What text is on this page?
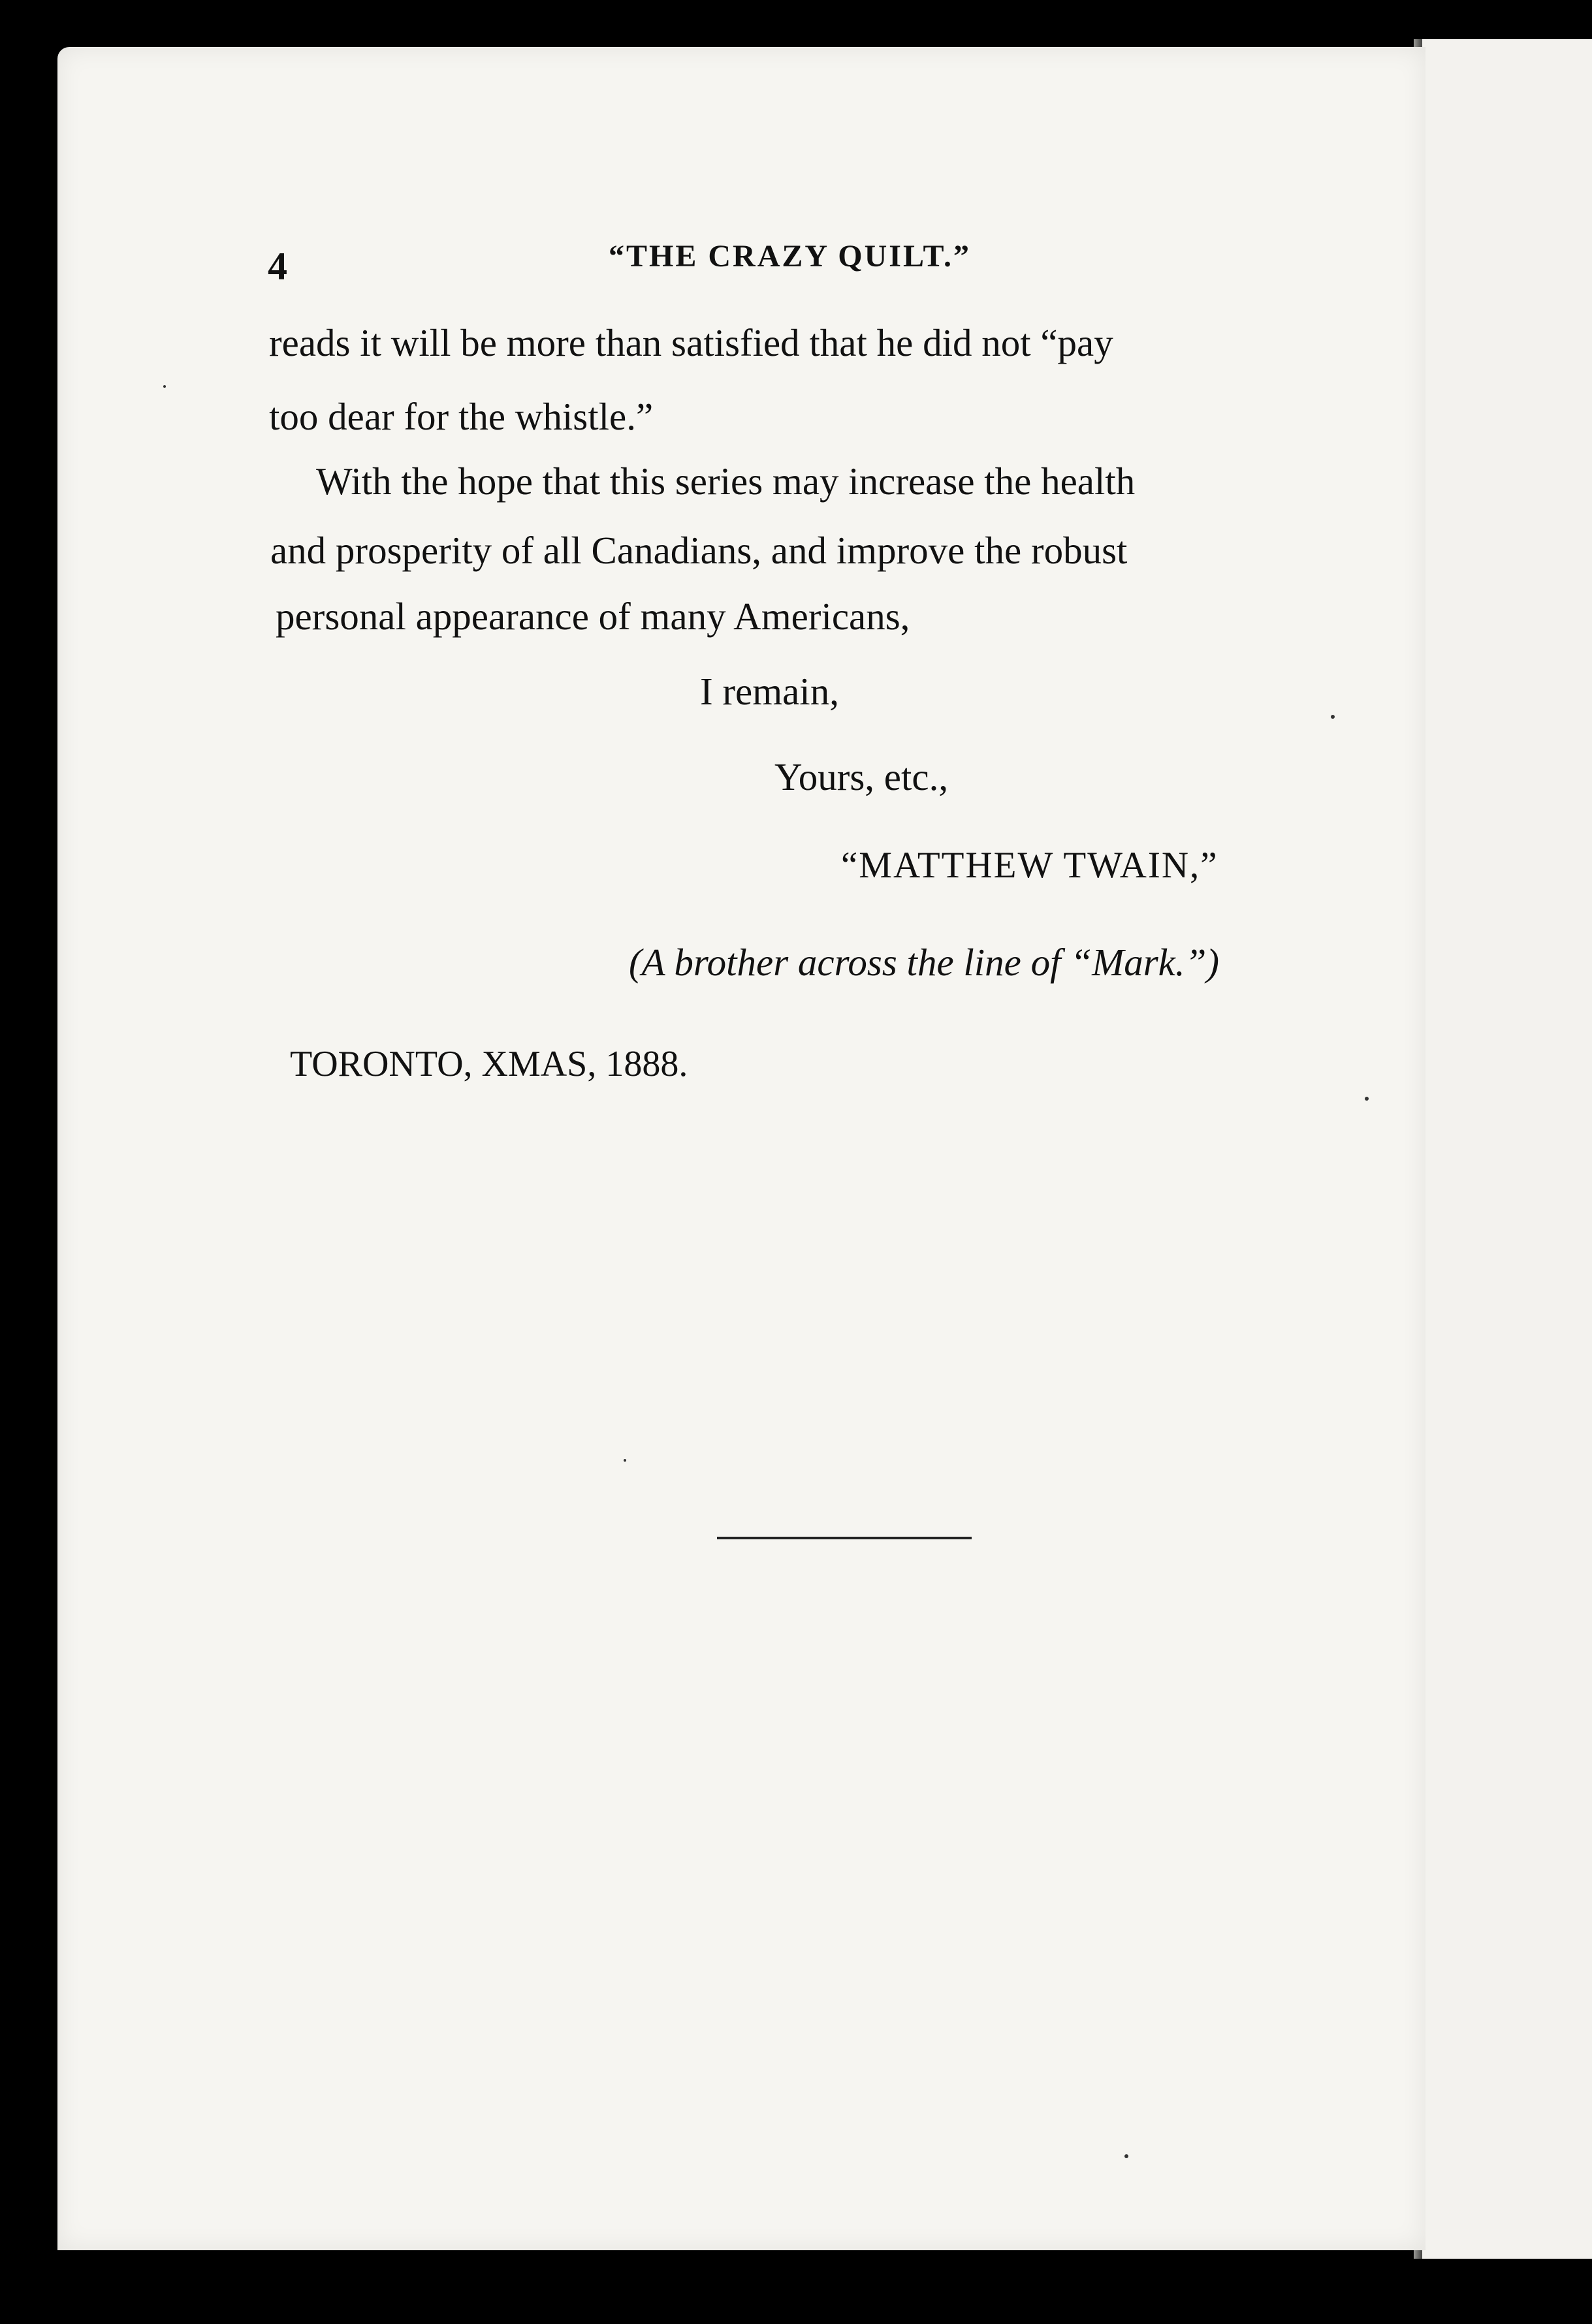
4	“THE CRAZY QUILT.”
reads it will be more than satisfied that he did not “pay
too dear for the whistle.”
With the hope that this series may increase the health
and prosperity of all Canadians, and improve the robust
personal appearance of many Americans,
I remain,
Yours, etc.,
“MATTHEW TWAIN,”
(A brother across the line of “Mark.”)
TORONTO, XMAS, 1888.
